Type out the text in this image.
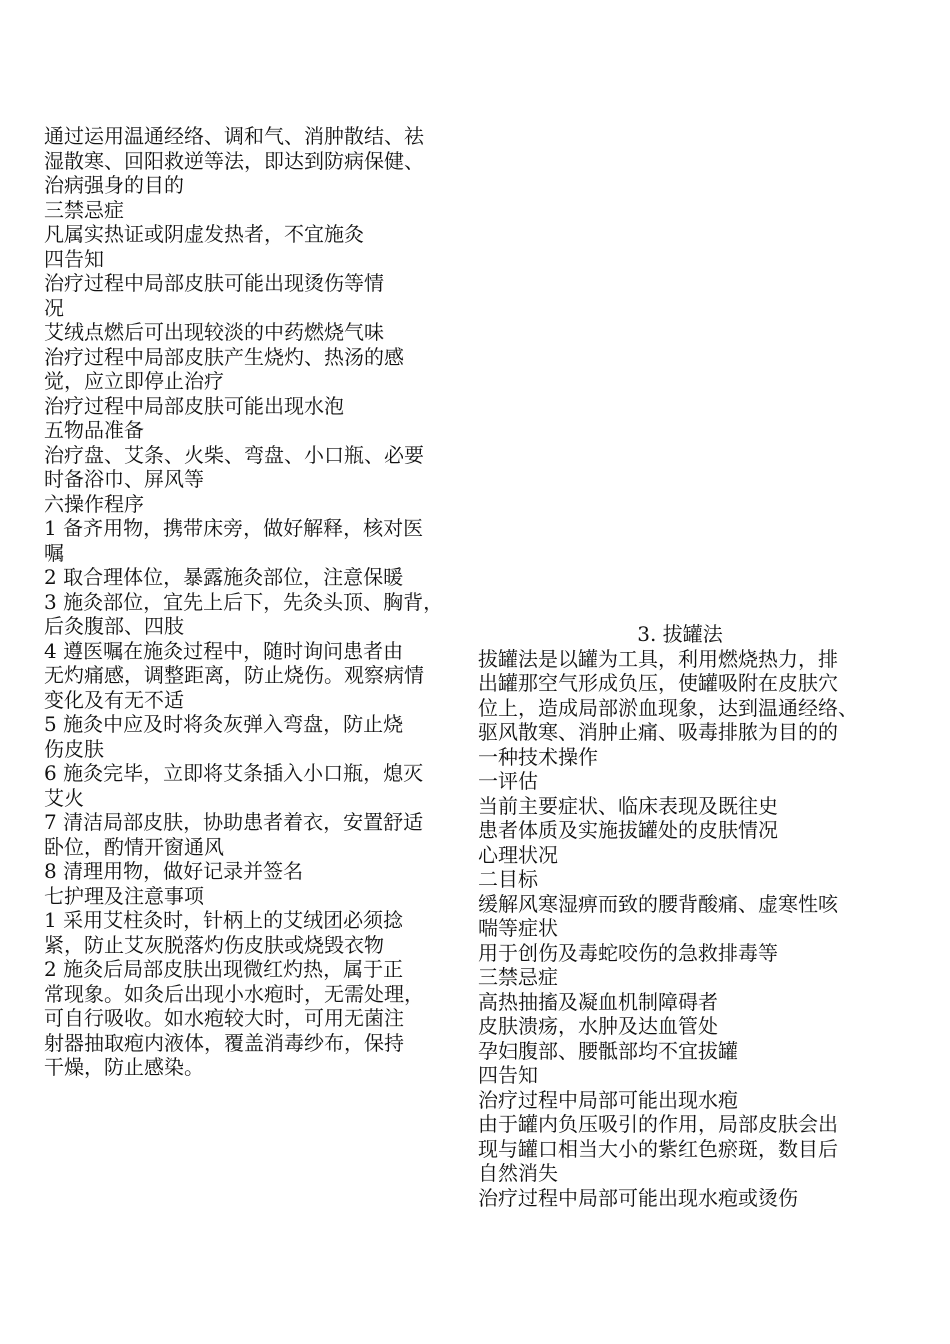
通过运用温通经络、调和气、消肿散结、祛
湿散寒、回阳救逆等法，即达到防病保健、
治病强身的目的
三禁忌症
凡属实热证或阴虚发热者，不宜施灸
四告知
治疗过程中局部皮肤可能出现烫伤等情
况
艾绒点燃后可出现较淡的中药燃烧气味
治疗过程中局部皮肤产生烧灼、热汤的感
觉，应立即停止治疗
治疗过程中局部皮肤可能出现水泡
五物品准备
治疗盘、艾条、火柴、弯盘、小口瓶、必要
时备浴巾、屏风等
六操作程序
1 备齐用物，携带床旁，做好解释，核对医
嘱
2 取合理体位，暴露施灸部位，注意保暖
3 施灸部位，宜先上后下，先灸头顶、胸背，
后灸腹部、四肢
4 遵医嘱在施灸过程中，随时询问患者由
无灼痛感，调整距离，防止烧伤。观察病情
变化及有无不适
5 施灸中应及时将灸灰弹入弯盘，防止烧
伤皮肤
6 施灸完毕，立即将艾条插入小口瓶，熄灭
艾火
7 清洁局部皮肤，协助患者着衣，安置舒适
卧位，酌情开窗通风
8 清理用物，做好记录并签名
七护理及注意事项
1 采用艾柱灸时，针柄上的艾绒团必须捻
紧，防止艾灰脱落灼伤皮肤或烧毁衣物
2 施灸后局部皮肤出现微红灼热，属于正
常现象。如灸后出现小水疱时，无需处理，
可自行吸收。如水疱较大时，可用无菌注
射器抽取疱内液体，覆盖消毒纱布，保持
干燥，防止感染。
3. 拔罐法
拔罐法是以罐为工具，利用燃烧热力，排
出罐那空气形成负压，使罐吸附在皮肤穴
位上，造成局部淤血现象，达到温通经络、
驱风散寒、消肿止痛、吸毒排脓为目的的
一种技术操作
一评估
当前主要症状、临床表现及既往史
患者体质及实施拔罐处的皮肤情况
心理状况
二目标
缓解风寒湿痹而致的腰背酸痛、虚寒性咳
喘等症状
用于创伤及毒蛇咬伤的急救排毒等
三禁忌症
高热抽搐及凝血机制障碍者
皮肤溃疡，水肿及达血管处
孕妇腹部、腰骶部均不宜拔罐
四告知
治疗过程中局部可能出现水疱
由于罐内负压吸引的作用，局部皮肤会出
现与罐口相当大小的紫红色瘀斑，数目后
自然消失
治疗过程中局部可能出现水疱或烫伤
